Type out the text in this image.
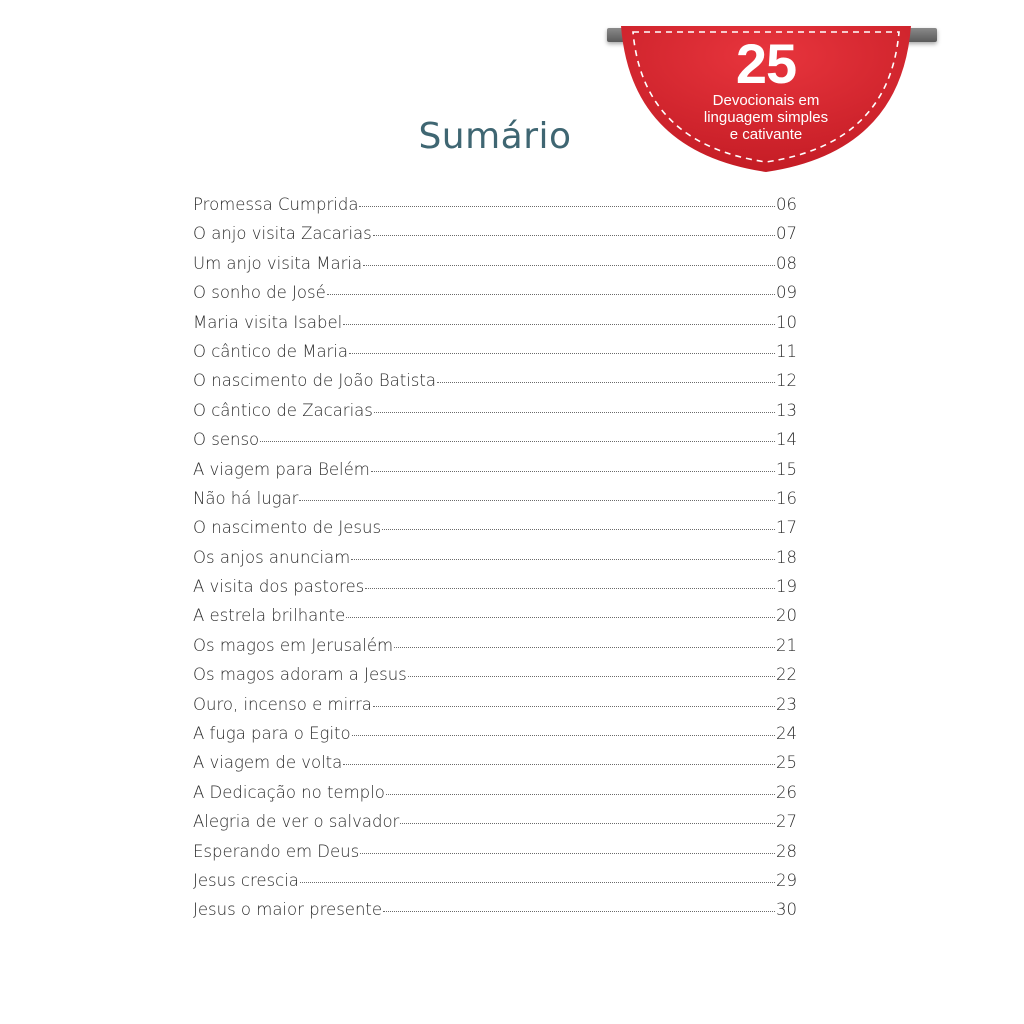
25
Devocionais em
linguagem simples
e cativante
Sumário
Promessa Cumprida	06
O anjo visita Zacarias	07
Um anjo visita Maria	08
O sonho de José	09
Maria visita Isabel	10
O cântico de Maria	11
O nascimento de João Batista	12
O cântico de Zacarias	13
O senso	14
A viagem para Belém	15
Não há lugar	16
O nascimento de Jesus	17
Os anjos anunciam	18
A visita dos pastores	19
A estrela brilhante	20
Os magos em Jerusalém	21
Os magos adoram a Jesus	22
Ouro, incenso e mirra	23
A fuga para o Egito	24
A viagem de volta	25
A Dedicação no templo	26
Alegria de ver o salvador	27
Esperando em Deus	28
Jesus crescia	29
Jesus o maior presente	30
